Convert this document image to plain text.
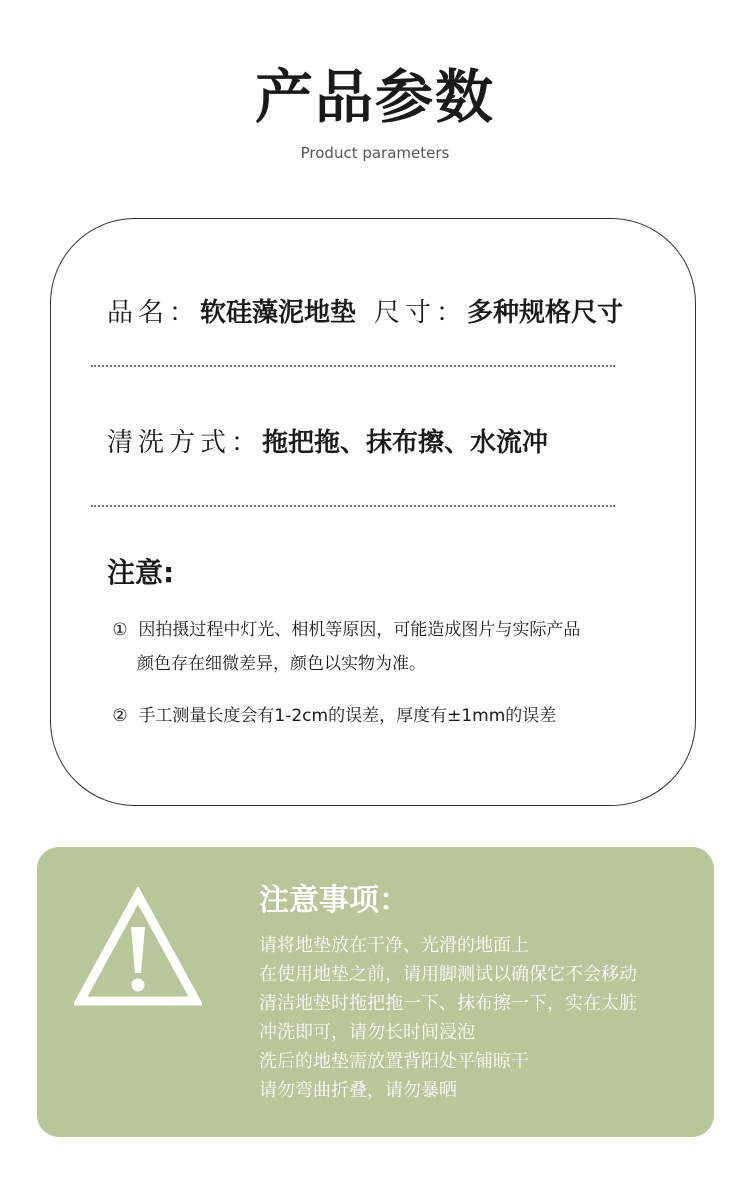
产品参数
Product parameters
品名：软硅藻泥地垫 尺寸：多种规格尺寸
清洗方式：拖把拖、抹布擦、水流冲
注意:
① 因拍摄过程中灯光、相机等原因，可能造成图片与实际产品
颜色存在细微差异，颜色以实物为准。
② 手工测量长度会有1-2cm的误差，厚度有±1mm的误差
注意事项：
请将地垫放在干净、光滑的地面上
在使用地垫之前，请用脚测试以确保它不会移动
清洁地垫时拖把拖一下、抹布擦一下，实在太脏
冲洗即可，请勿长时间浸泡
洗后的地垫需放置背阳处平铺晾干
请勿弯曲折叠，请勿暴晒
